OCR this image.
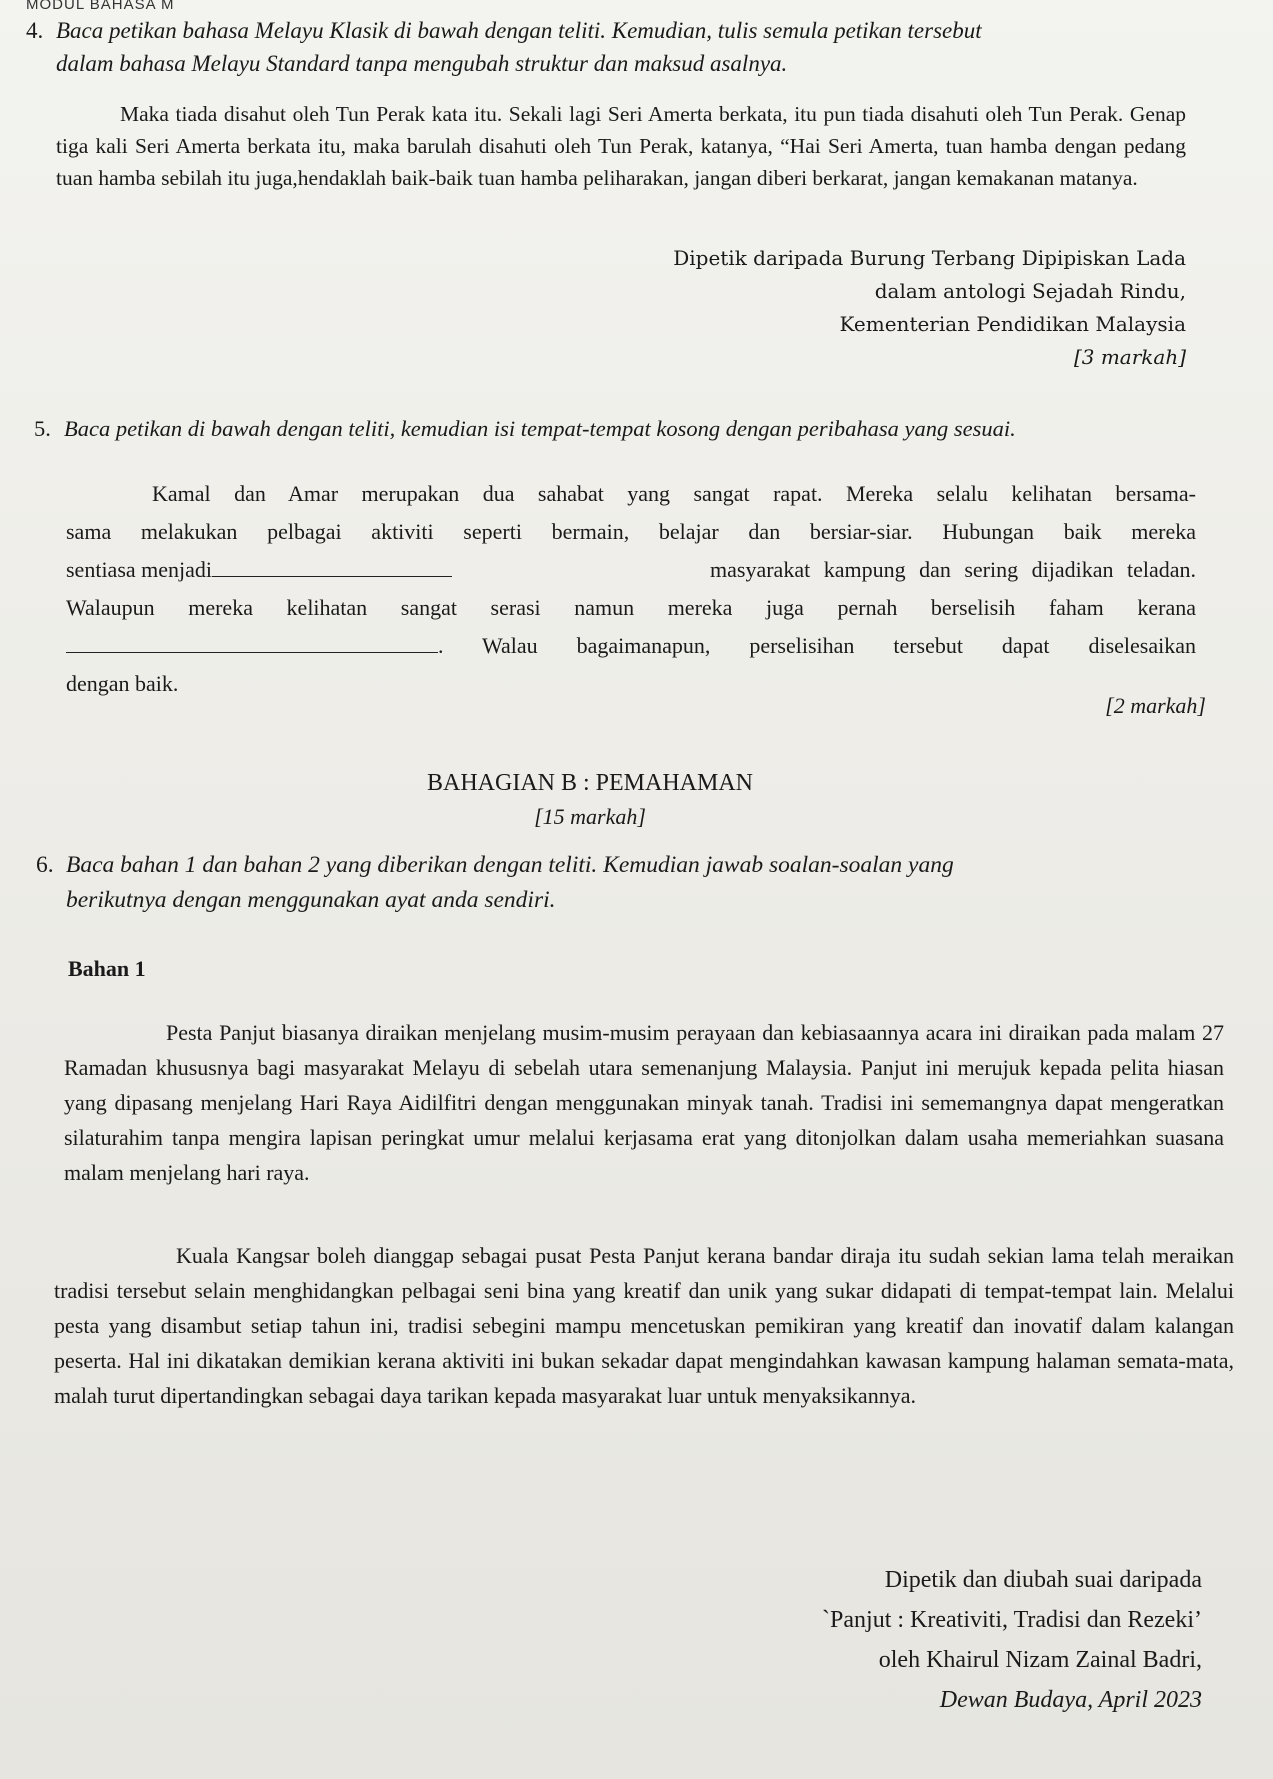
MODUL BAHASA M
4. Baca petikan bahasa Melayu Klasik di bawah dengan teliti. Kemudian, tulis semula petikan tersebut
dalam bahasa Melayu Standard tanpa mengubah struktur dan maksud asalnya.
Maka tiada disahut oleh Tun Perak kata itu. Sekali lagi Seri Amerta berkata, itu pun tiada disahuti oleh Tun Perak. Genap tiga kali Seri Amerta berkata itu, maka barulah disahuti oleh Tun Perak, katanya, “Hai Seri Amerta, tuan hamba dengan pedang tuan hamba sebilah itu juga,hendaklah baik-baik tuan hamba peliharakan, jangan diberi berkarat, jangan kemakanan matanya.
Dipetik daripada Burung Terbang Dipipiskan Lada
dalam antologi Sejadah Rindu,
Kementerian Pendidikan Malaysia
[3 markah]
5. Baca petikan di bawah dengan teliti, kemudian isi tempat-tempat kosong dengan peribahasa yang sesuai.
Kamal dan Amar merupakan dua sahabat yang sangat rapat. Mereka selalu kelihatan bersama-
sama melakukan pelbagai aktiviti seperti bermain, belajar dan bersiar-siar. Hubungan baik mereka
sentiasa menjadi	masyarakat kampung dan sering dijadikan teladan.
Walaupun mereka kelihatan sangat serasi namun mereka juga pernah berselisih faham kerana
. Walau bagaimanapun, perselisihan tersebut dapat diselesaikan
dengan baik.
[2 markah]
BAHAGIAN B : PEMAHAMAN
[15 markah]
6. Baca bahan 1 dan bahan 2 yang diberikan dengan teliti. Kemudian jawab soalan-soalan yang
berikutnya dengan menggunakan ayat anda sendiri.
Bahan 1
Pesta Panjut biasanya diraikan menjelang musim-musim perayaan dan kebiasaannya acara ini diraikan pada malam 27 Ramadan khususnya bagi masyarakat Melayu di sebelah utara semenanjung Malaysia. Panjut ini merujuk kepada pelita hiasan yang dipasang menjelang Hari Raya Aidilfitri dengan menggunakan minyak tanah. Tradisi ini sememangnya dapat mengeratkan silaturahim tanpa mengira lapisan peringkat umur melalui kerjasama erat yang ditonjolkan dalam usaha memeriahkan suasana malam menjelang hari raya.
Kuala Kangsar boleh dianggap sebagai pusat Pesta Panjut kerana bandar diraja itu sudah sekian lama telah meraikan tradisi tersebut selain menghidangkan pelbagai seni bina yang kreatif dan unik yang sukar didapati di tempat-tempat lain. Melalui pesta yang disambut setiap tahun ini, tradisi sebegini mampu mencetuskan pemikiran yang kreatif dan inovatif dalam kalangan peserta. Hal ini dikatakan demikian kerana aktiviti ini bukan sekadar dapat mengindahkan kawasan kampung halaman semata-mata, malah turut dipertandingkan sebagai daya tarikan kepada masyarakat luar untuk menyaksikannya.
Dipetik dan diubah suai daripada
`Panjut : Kreativiti, Tradisi dan Rezeki’
oleh Khairul Nizam Zainal Badri,
Dewan Budaya, April 2023
